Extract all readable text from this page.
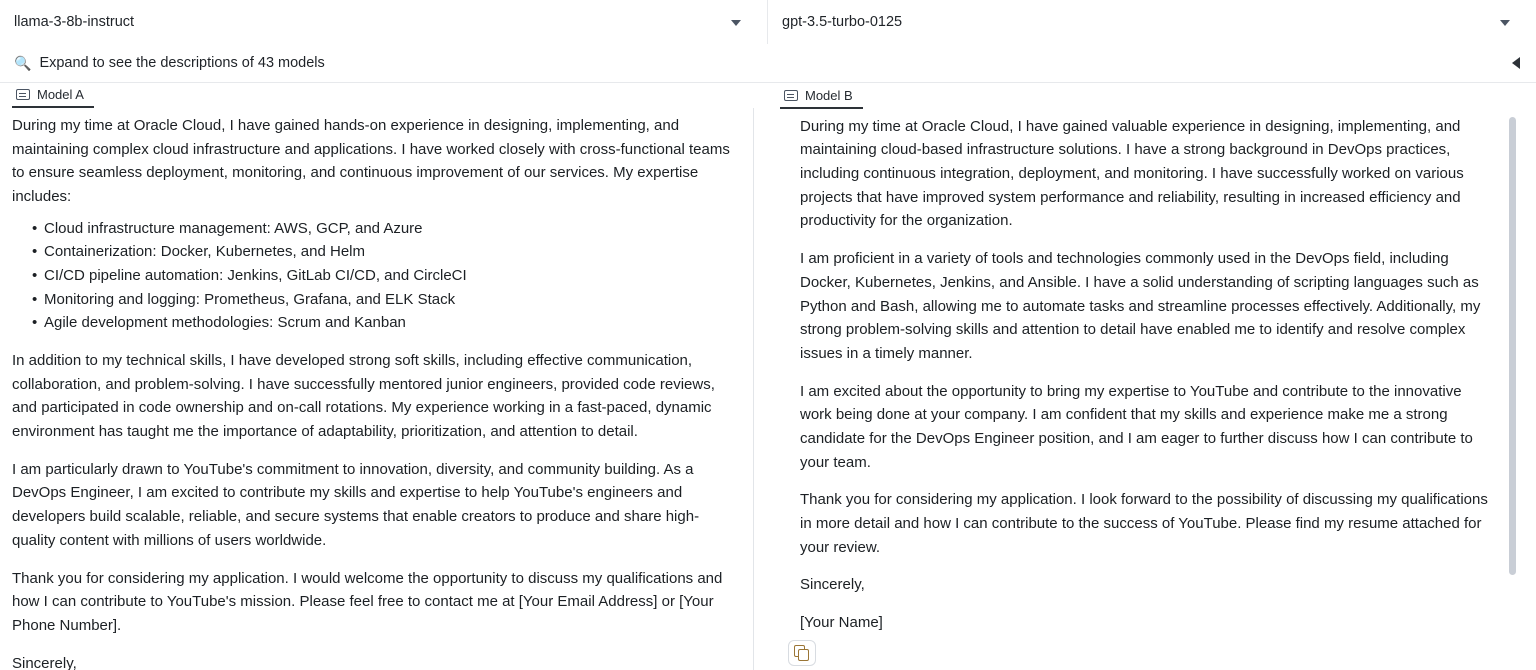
llama-3-8b-instruct	gpt-3.5-turbo-0125
🔍 Expand to see the descriptions of 43 models
Model A

During my time at Oracle Cloud, I have gained hands-on experience in designing, implementing, and maintaining complex cloud infrastructure and applications. I have worked closely with cross-functional teams to ensure seamless deployment, monitoring, and continuous improvement of our services. My expertise includes:

• Cloud infrastructure management: AWS, GCP, and Azure
• Containerization: Docker, Kubernetes, and Helm
• CI/CD pipeline automation: Jenkins, GitLab CI/CD, and CircleCI
• Monitoring and logging: Prometheus, Grafana, and ELK Stack
• Agile development methodologies: Scrum and Kanban

In addition to my technical skills, I have developed strong soft skills, including effective communication, collaboration, and problem-solving. I have successfully mentored junior engineers, provided code reviews, and participated in code ownership and on-call rotations. My experience working in a fast-paced, dynamic environment has taught me the importance of adaptability, prioritization, and attention to detail.

I am particularly drawn to YouTube's commitment to innovation, diversity, and community building. As a DevOps Engineer, I am excited to contribute my skills and expertise to help YouTube's engineers and developers build scalable, reliable, and secure systems that enable creators to produce and share high-quality content with millions of users worldwide.

Thank you for considering my application. I would welcome the opportunity to discuss my qualifications and how I can contribute to YouTube's mission. Please feel free to contact me at [Your Email Address] or [Your Phone Number].

Sincerely,

Model B

During my time at Oracle Cloud, I have gained valuable experience in designing, implementing, and maintaining cloud-based infrastructure solutions. I have a strong background in DevOps practices, including continuous integration, deployment, and monitoring. I have successfully worked on various projects that have improved system performance and reliability, resulting in increased efficiency and productivity for the organization.

I am proficient in a variety of tools and technologies commonly used in the DevOps field, including Docker, Kubernetes, Jenkins, and Ansible. I have a solid understanding of scripting languages such as Python and Bash, allowing me to automate tasks and streamline processes effectively. Additionally, my strong problem-solving skills and attention to detail have enabled me to identify and resolve complex issues in a timely manner.

I am excited about the opportunity to bring my expertise to YouTube and contribute to the innovative work being done at your company. I am confident that my skills and experience make me a strong candidate for the DevOps Engineer position, and I am eager to further discuss how I can contribute to your team.

Thank you for considering my application. I look forward to the possibility of discussing my qualifications in more detail and how I can contribute to the success of YouTube. Please find my resume attached for your review.

Sincerely,

[Your Name]
